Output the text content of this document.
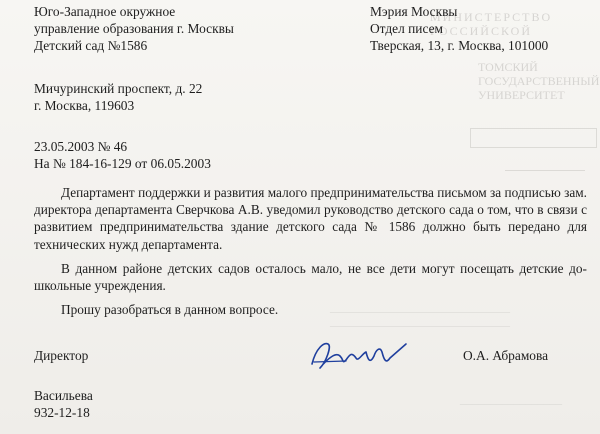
МИНИСТЕРСТВО
РОССИЙСКОЙ
ТОМСКИЙ
ГОСУДАРСТВЕННЫЙ
УНИВЕРСИТЕТ
______________________________
______________________________
_________________
Юго-Западное окружное
управление образования г. Москвы
Детский сад №1586
Мэрия Москвы
Отдел писем
Тверская, 13, г. Москва, 101000
Мичуринский проспект, д. 22
г. Москва, 119603
23.05.2003 № 46
На № 184-16-129 от 06.05.2003

Департамент поддержки и развития малого предпринимательства письмом за подписью зам. директора департамента Сверчкова А.В. уведомил руководство детского сада о том, что в связи с развитием предпринимательства здание детского сада № 1586 должно быть передано для технических нужд департамента.

В данном районе детских садов осталось мало, не все дети могут посещать детские до-школьные учреждения.

Прошу разобраться в данном вопросе.

Директор	О.А. Абрамова
Васильева
932-12-18
